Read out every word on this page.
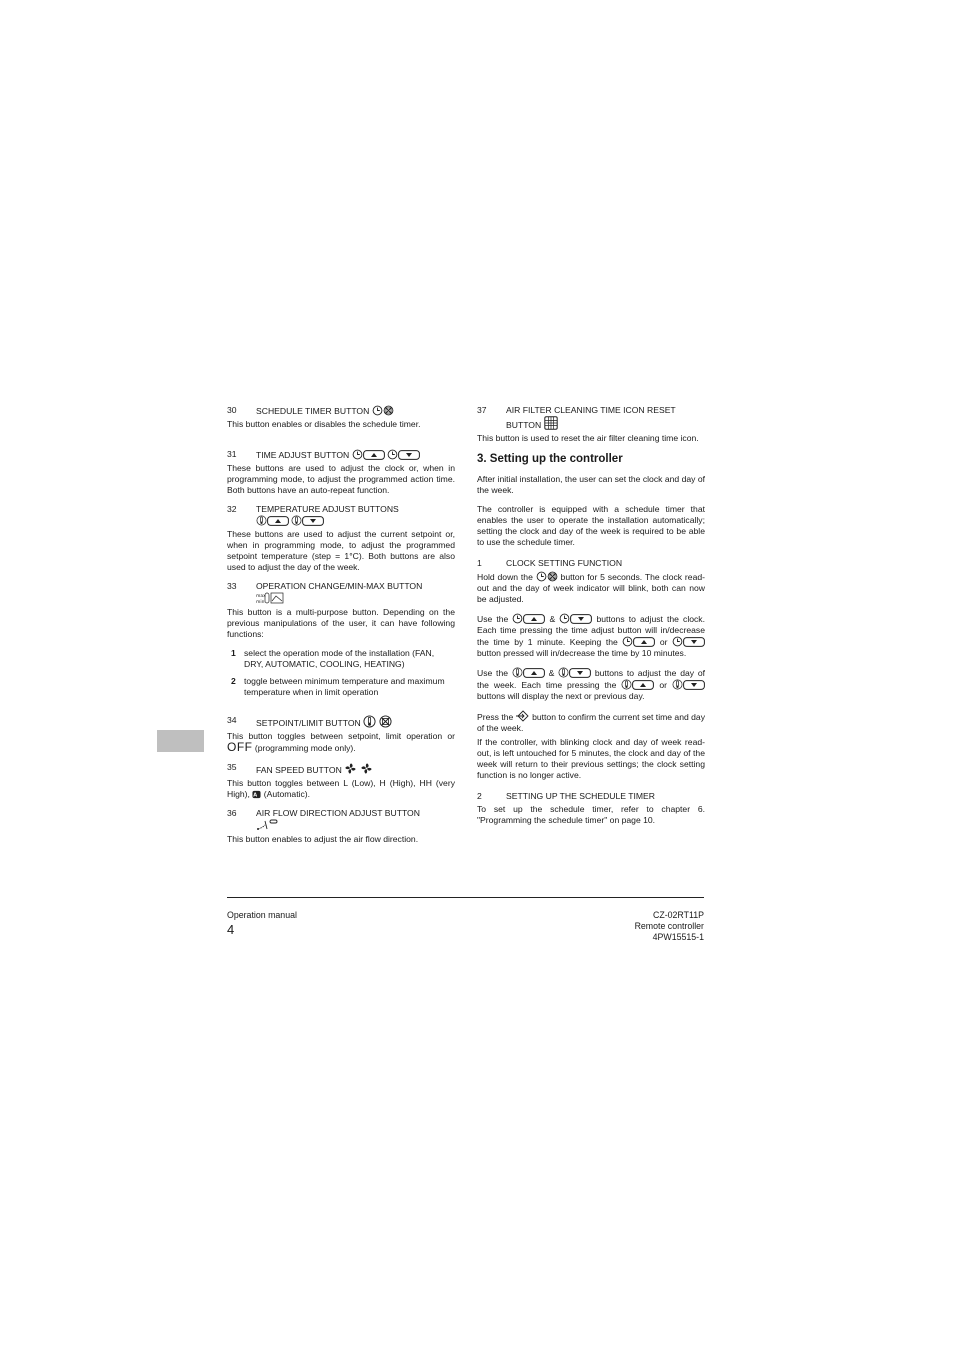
30	SCHEDULE TIMER BUTTON

This button enables or disables the schedule timer.

31	TIME ADJUST BUTTON

These buttons are used to adjust the clock or, when in programming mode, to adjust the programmed action time. Both buttons have an auto-repeat function.

32	TEMPERATURE ADJUST BUTTONS

These buttons are used to adjust the current setpoint or, when in programming mode, to adjust the programmed setpoint temperature (step = 1°C). Both buttons are also used to adjust the day of the week.

33	OPERATION CHANGE/MIN-MAX BUTTON

This button is a multi-purpose button. Depending on the previous manipulations of the user, it can have following functions:

1 select the operation mode of the installation (FAN, DRY, AUTOMATIC, COOLING, HEATING)
2 toggle between minimum temperature and maximum temperature when in limit operation
34	SETPOINT/LIMIT BUTTON

This button toggles between setpoint, limit operation or OFF (programming mode only).

35	FAN SPEED BUTTON

This button toggles between L (Low), H (High), HH (very High), (Automatic).

36	AIR FLOW DIRECTION ADJUST BUTTON

This button enables to adjust the air flow direction.

37	AIR FILTER CLEANING TIME ICON RESET BUTTON

This button is used to reset the air filter cleaning time icon.

3. Setting up the controller

After initial installation, the user can set the clock and day of the week.

The controller is equipped with a schedule timer that enables the user to operate the installation automatically; setting the clock and day of the week is required to be able to use the schedule timer.

1	CLOCK SETTING FUNCTION

Hold down the	button for 5 seconds. The clock read-out and the day of week indicator will blink, both can now be adjusted.

Use the	&	buttons to adjust the clock. Each time pressing the time adjust button will in/decrease the time by 1 minute. Keeping the	or
button pressed will in/decrease the time by 10 minutes.

Use the	&	buttons to adjust the day of the week. Each time pressing the	or
buttons will display the next or previous day.

Press the button to confirm the current set time and day of the week.

If the controller, with blinking clock and day of week read-out, is left untouched for 5 minutes, the clock and day of the week will return to their previous settings; the clock setting function is no longer active.

2	SETTING UP THE SCHEDULE TIMER

To set up the schedule timer, refer to chapter 6. "Programming the schedule timer" on page 10.

Operation manual
4
CZ-02RT11P
Remote controller
4PW15515-1
